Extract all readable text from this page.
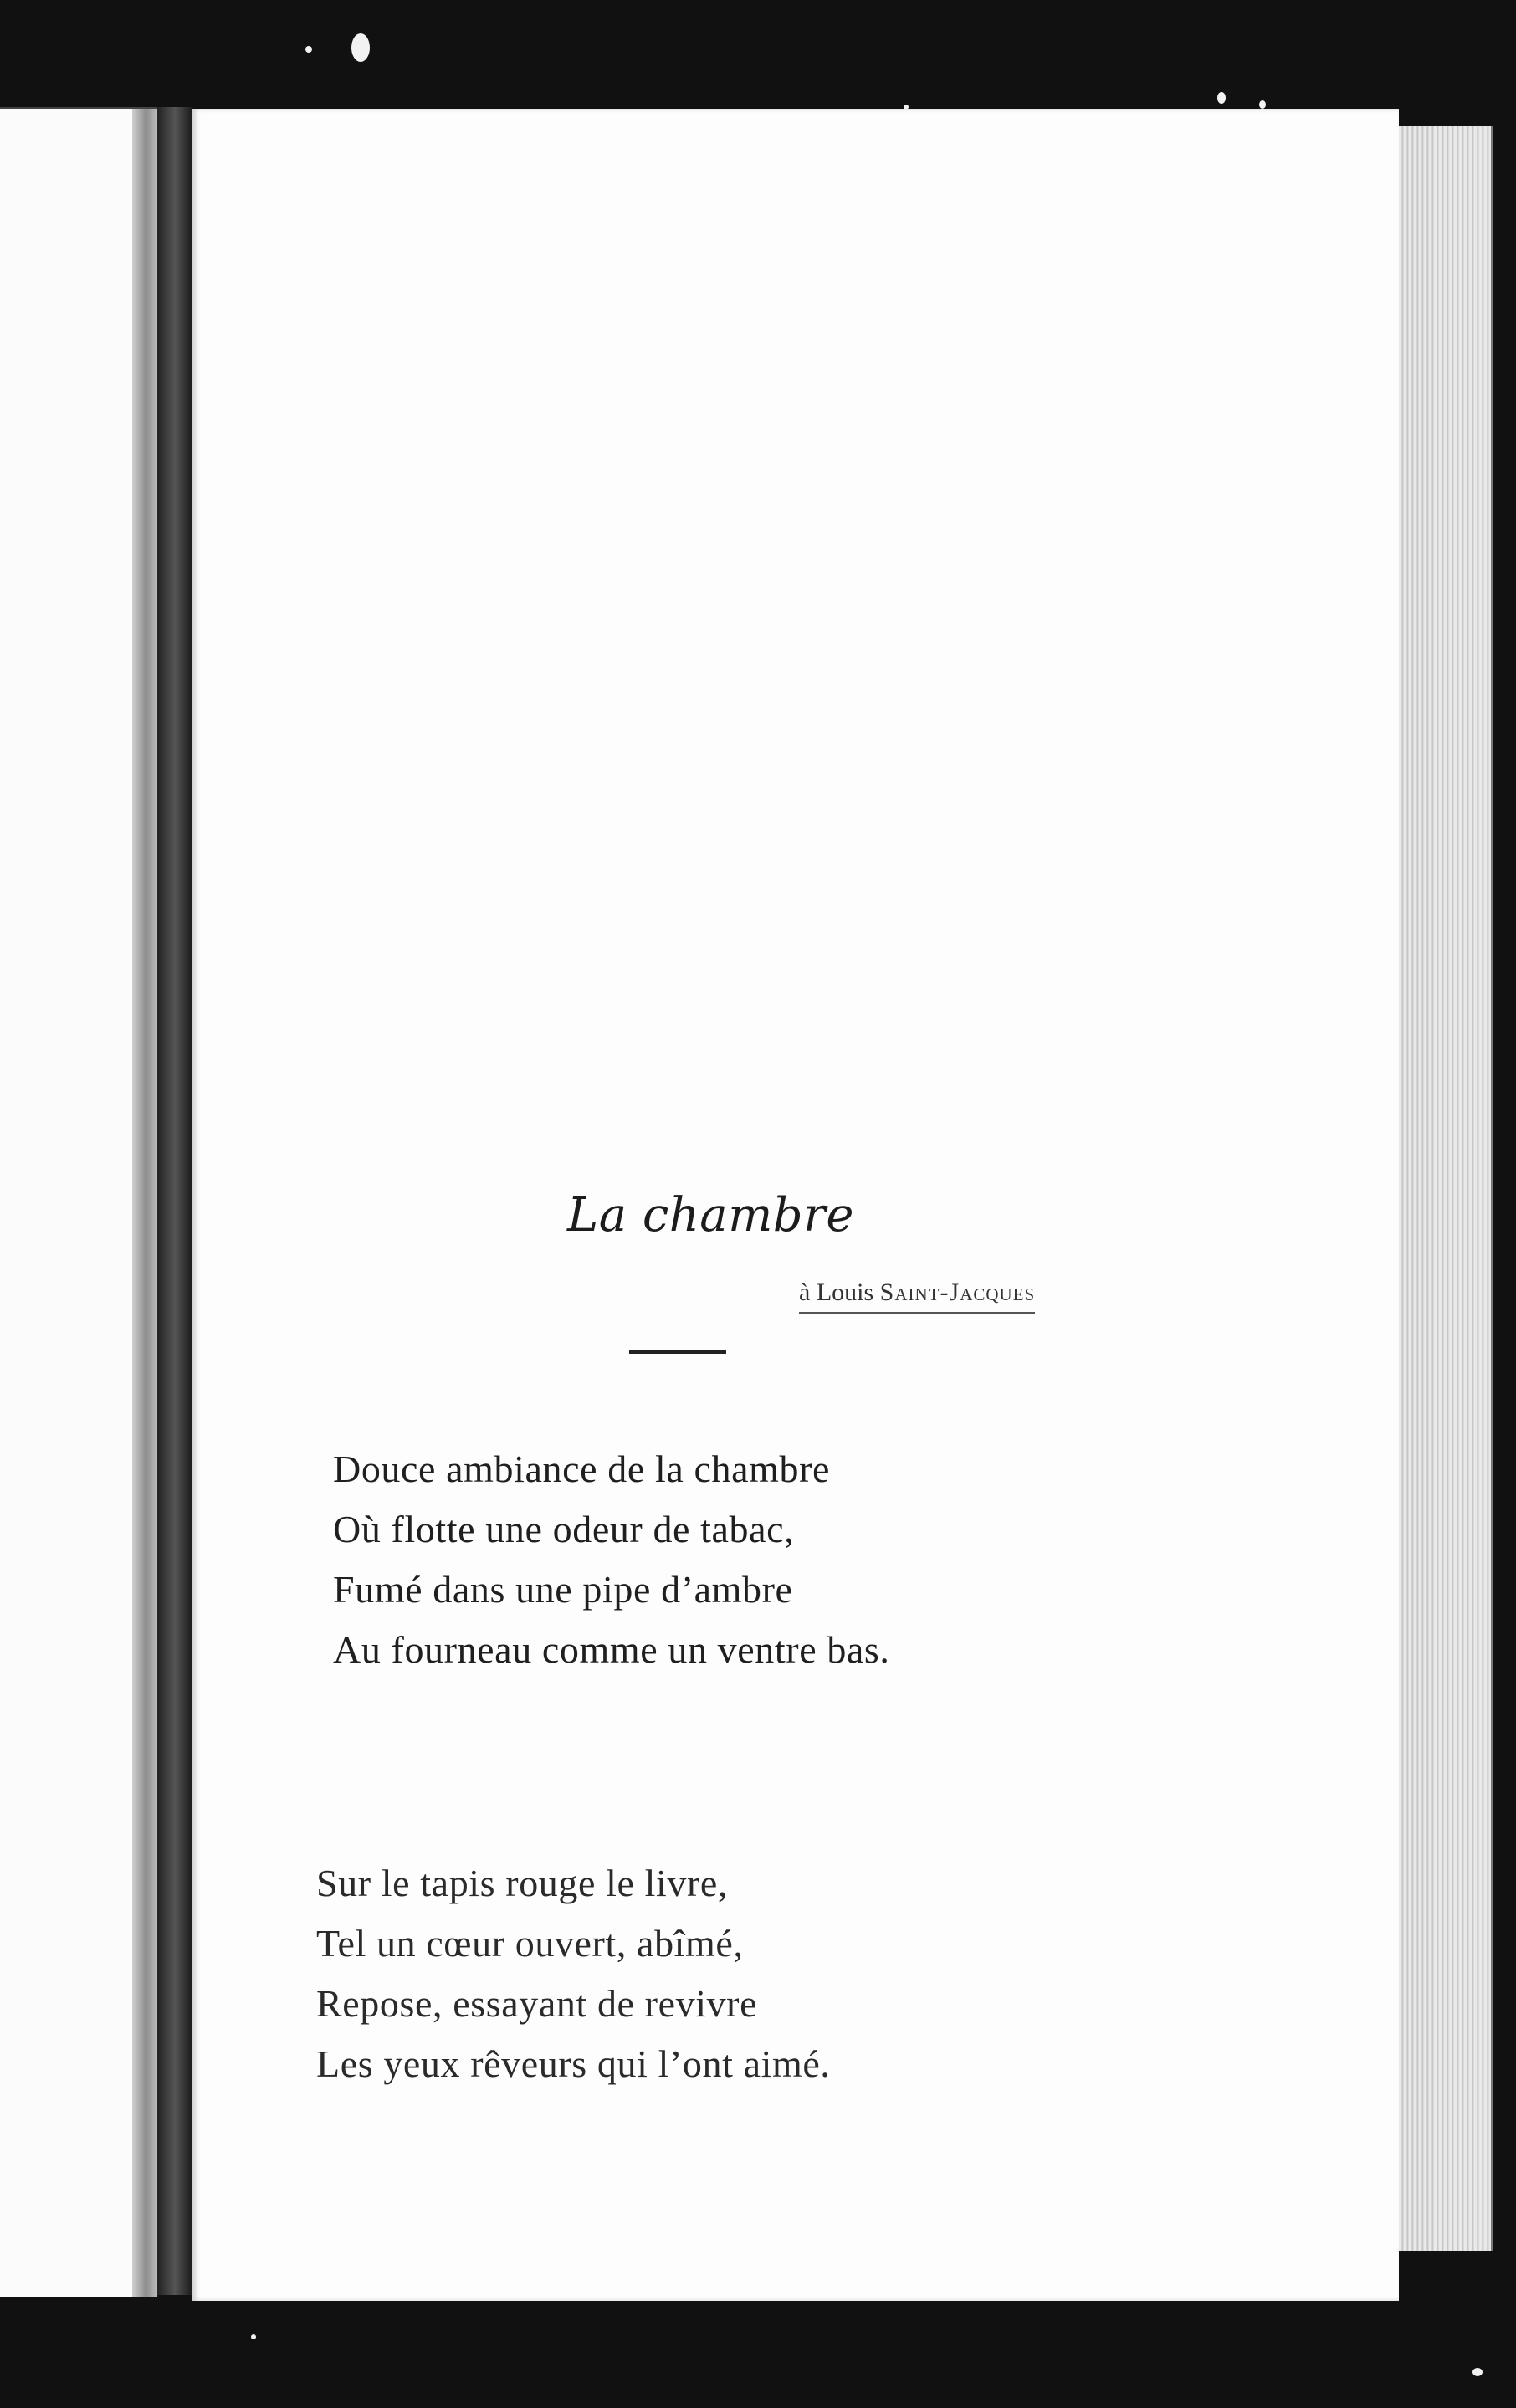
La chambre
à Louis Saint-Jacques
Douce ambiance de la chambre
Où flotte une odeur de tabac,
Fumé dans une pipe d’ambre
Au fourneau comme un ventre bas.
Sur le tapis rouge le livre,
Tel un cœur ouvert, abîmé,
Repose, essayant de revivre
Les yeux rêveurs qui l’ont aimé.
